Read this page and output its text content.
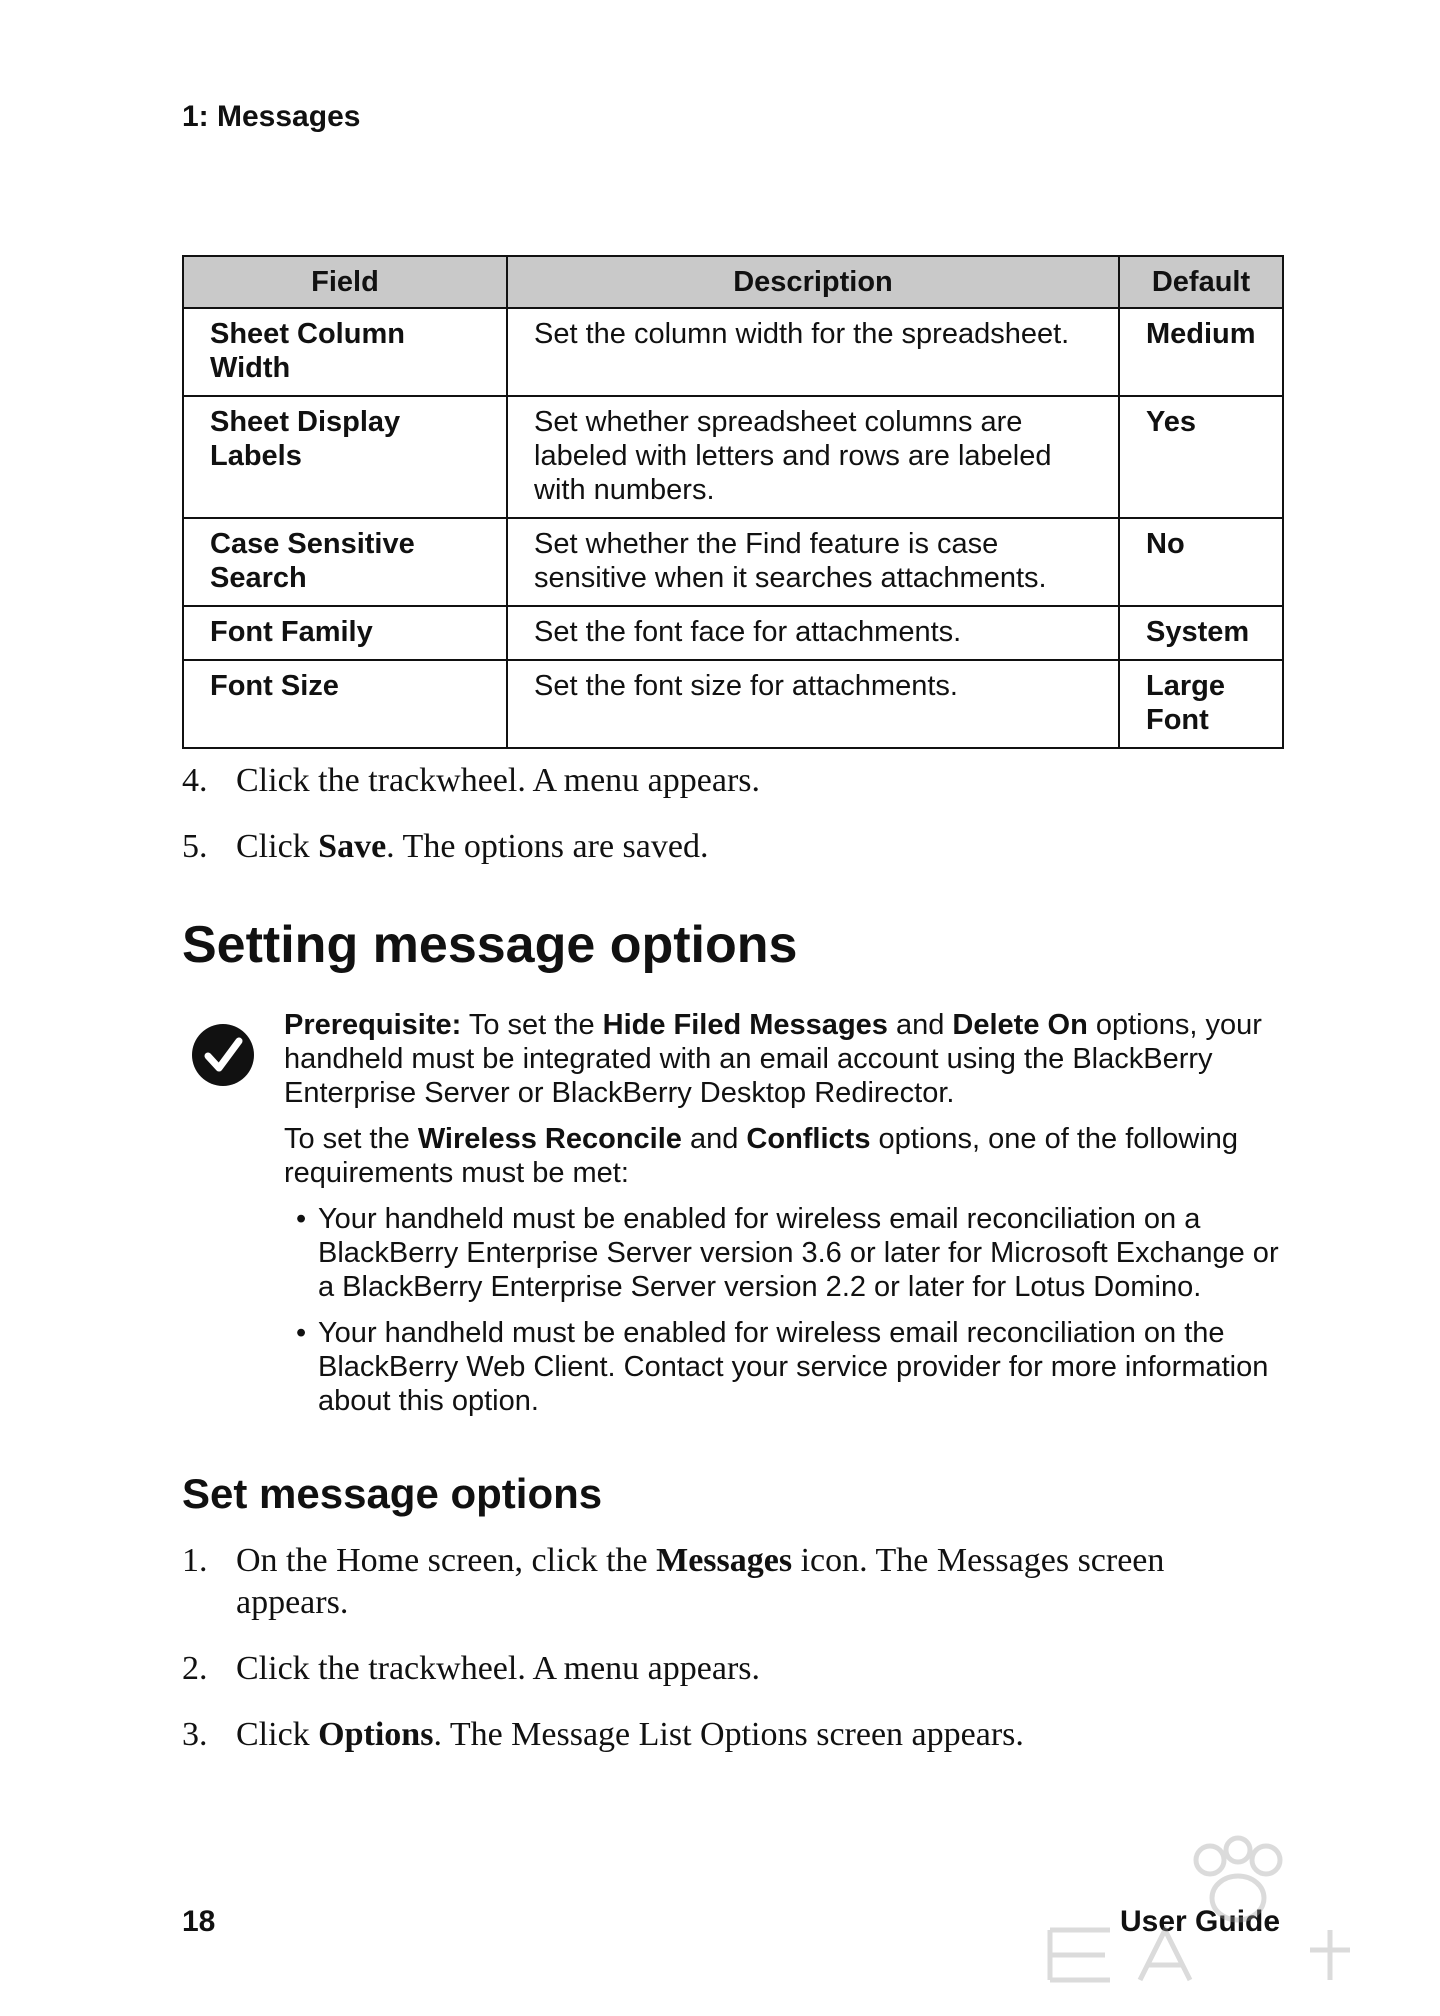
1: Messages
Field	Description	Default
Sheet Column Width	Set the column width for the spreadsheet.	Medium
Sheet Display Labels	Set whether spreadsheet columns are labeled with letters and rows are labeled with numbers.	Yes
Case Sensitive Search	Set whether the Find feature is case sensitive when it searches attachments.	No
Font Family	Set the font face for attachments.	System
Font Size	Set the font size for attachments.	Large Font
4. Click the trackwheel. A menu appears.
5. Click Save. The options are saved.
Setting message options

Prerequisite: To set the Hide Filed Messages and Delete On options, your handheld must be integrated with an email account using the BlackBerry Enterprise Server or BlackBerry Desktop Redirector.

To set the Wireless Reconcile and Conflicts options, one of the following requirements must be met:

• Your handheld must be enabled for wireless email reconciliation on a BlackBerry Enterprise Server version 3.6 or later for Microsoft Exchange or a BlackBerry Enterprise Server version 2.2 or later for Lotus Domino.
• Your handheld must be enabled for wireless email reconciliation on the BlackBerry Web Client. Contact your service provider for more information about this option.
Set message options
1. On the Home screen, click the Messages icon. The Messages screen appears.
2. Click the trackwheel. A menu appears.
3. Click Options. The Message List Options screen appears.
18	User Guide
